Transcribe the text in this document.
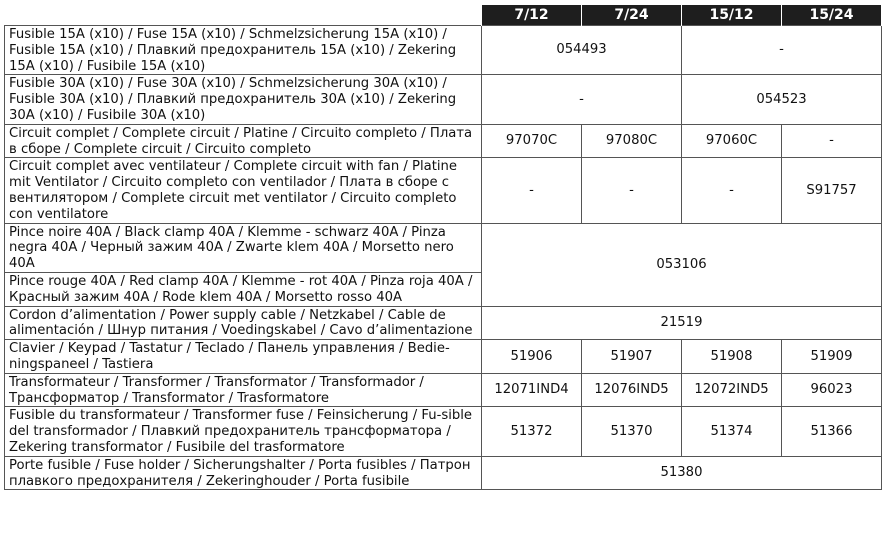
	7/12	7/24	15/12	15/24
Fusible 15A (x10) / Fuse 15A (x10) / Schmelzsicherung 15A (x10) / Fusible 15A (x10) / Плавкий предохранитель 15A (x10) / Zekering 15A (x10) / Fusibile 15A (x10)	054493		-	
Fusible 30A (x10) / Fuse 30A (x10) / Schmelzsicherung 30A (x10) / Fusible 30A (x10) / Плавкий предохранитель 30A (x10) / Zekering 30A (x10) / Fusibile 30A (x10)	-		054523	
Circuit complet / Complete circuit / Platine / Circuito completo / Плата в сборе / Complete circuit / Circuito completo	97070C	97080C	97060C	-
Circuit complet avec ventilateur / Complete circuit with fan / Platine mit Ventilator / Circuito completo con ventilador / Плата в сборе с вентилятором / Complete circuit met ventilator / Circuito completo con ventilatore	-	-	-	S91757
Pince noire 40A / Black clamp 40A / Klemme - schwarz 40A / Pinza negra 40A / Черный зажим 40A / Zwarte klem 40A / Morsetto nero 40A	053106			
Pince rouge 40A / Red clamp 40A / Klemme - rot 40A / Pinza roja 40A / Красный зажим 40A / Rode klem 40A / Morsetto rosso 40A				
Cordon d’alimentation / Power supply cable / Netzkabel / Cable de alimentación / Шнур питания / Voedingskabel / Cavo d’alimentazione	21519			
Clavier / Keypad / Tastatur / Teclado / Панель управления / Bedie-ningspaneel / Tastiera	51906	51907	51908	51909
Transformateur / Transformer / Transformator / Transformador / Трансформатор / Transformator / Trasformatore	12071IND4	12076IND5	12072IND5	96023
Fusible du transformateur / Transformer fuse / Feinsicherung / Fu-sible del transformador / Плавкий предохранитель трансформатора / Zekering transformator / Fusibile del trasformatore	51372	51370	51374	51366
Porte fusible / Fuse holder / Sicherungshalter / Porta fusibles / Патрон плавкого предохранителя / Zekeringhouder / Porta fusibile	51380			
